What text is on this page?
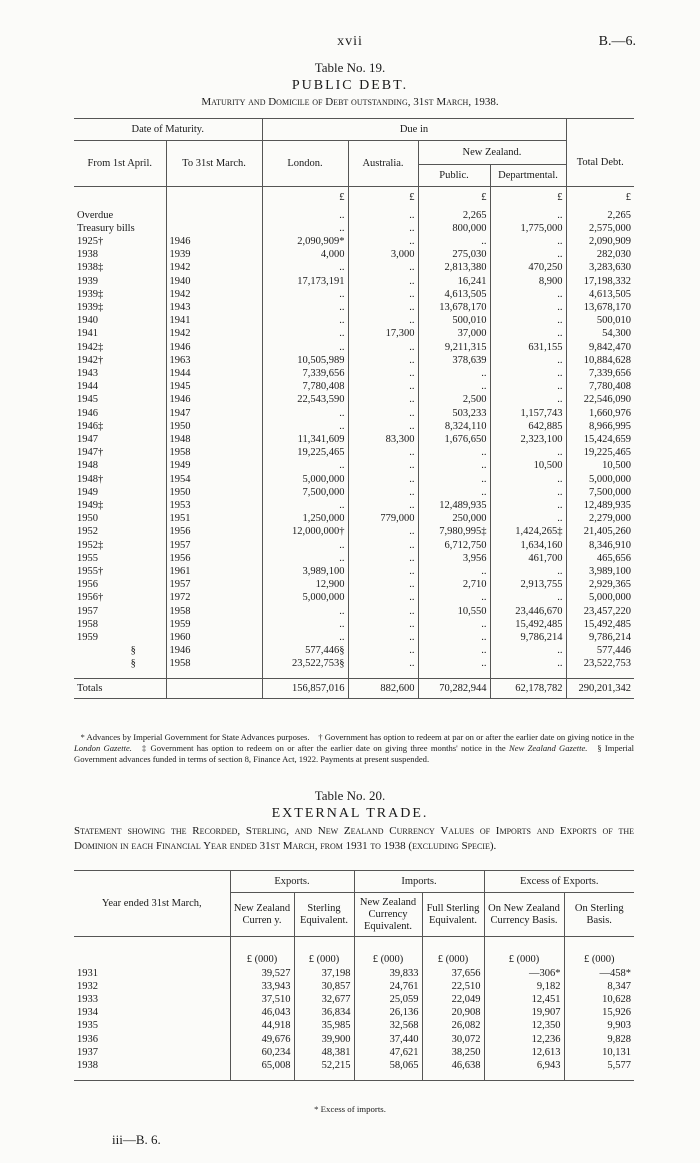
xvii	B.—6.
Table No. 19.
PUBLIC DEBT.
Maturity and Domicile of Debt outstanding, 31st March, 1938.
Date of Maturity.		Due in				
From 1st April.	To 31st March.	London.	Australia.	New Zealand.		Total Debt.
				Public.	Departmental.	
		£	£	£	£	£
Overdue		..	..	2,265	..	2,265
Treasury bills		..	..	800,000	1,775,000	2,575,000
1925†	1946	2,090,909*	..	..	..	2,090,909
1938	1939	4,000	3,000	275,030	..	282,030
1938‡	1942	..	..	2,813,380	470,250	3,283,630
1939	1940	17,173,191	..	16,241	8,900	17,198,332
1939‡	1942	..	..	4,613,505	..	4,613,505
1939‡	1943	..	..	13,678,170	..	13,678,170
1940	1941	..	..	500,010	..	500,010
1941	1942	..	17,300	37,000	..	54,300
1942‡	1946	..	..	9,211,315	631,155	9,842,470
1942†	1963	10,505,989	..	378,639	..	10,884,628
1943	1944	7,339,656	..	..	..	7,339,656
1944	1945	7,780,408	..	..	..	7,780,408
1945	1946	22,543,590	..	2,500	..	22,546,090
1946	1947	..	..	503,233	1,157,743	1,660,976
1946‡	1950	..	..	8,324,110	642,885	8,966,995
1947	1948	11,341,609	83,300	1,676,650	2,323,100	15,424,659
1947†	1958	19,225,465	..	..	..	19,225,465
1948	1949	..	..	..	10,500	10,500
1948†	1954	5,000,000	..	..	..	5,000,000
1949	1950	7,500,000	..	..	..	7,500,000
1949‡	1953	..	..	12,489,935	..	12,489,935
1950	1951	1,250,000	779,000	250,000	..	2,279,000
1952	1956	12,000,000†	..	7,980,995‡	1,424,265‡	21,405,260
1952‡	1957	..	..	6,712,750	1,634,160	8,346,910
1955	1956	..	..	3,956	461,700	465,656
1955†	1961	3,989,100	..	..	..	3,989,100
1956	1957	12,900	..	2,710	2,913,755	2,929,365
1956†	1972	5,000,000	..	..	..	5,000,000
1957	1958	..	..	10,550	23,446,670	23,457,220
1958	1959	..	..	..	15,492,485	15,492,485
1959	1960	..	..	..	9,786,214	9,786,214
§	1946	577,446§	..	..	..	577,446
§	1958	23,522,753§	..	..	..	23,522,753

Totals		156,857,016	882,600	70,282,944	62,178,782	290,201,342
* Advances by Imperial Government for State Advances purposes. † Government has option to redeem at par on or after the earlier date on giving notice in the London Gazette. ‡ Government has option to redeem on or after the earlier date on giving three months' notice in the New Zealand Gazette. § Imperial Government advances funded in terms of section 8, Finance Act, 1922. Payments at present suspended.
Table No. 20.
EXTERNAL TRADE.
Statement showing the Recorded, Sterling, and New Zealand Currency Values of Imports and Exports of the Dominion in each Financial Year ended 31st March, from 1931 to 1938 (excluding Specie).
Year ended 31st March,	Exports.		Imports.		Excess of Exports.	
	New Zealand Curren y.	Sterling Equivalent.	New Zealand Currency Equivalent.	Full Sterling Equivalent.	On New Zealand Currency Basis.	On Sterling Basis.
	£ (000)	£ (000)	£ (000)	£ (000)	£ (000)	£ (000)
1931	39,527	37,198	39,833	37,656	—306*	—458*
1932	33,943	30,857	24,761	22,510	9,182	8,347
1933	37,510	32,677	25,059	22,049	12,451	10,628
1934	46,043	36,834	26,136	20,908	19,907	15,926
1935	44,918	35,985	32,568	26,082	12,350	9,903
1936	49,676	39,900	37,440	30,072	12,236	9,828
1937	60,234	48,381	47,621	38,250	12,613	10,131
1938	65,008	52,215	58,065	46,638	6,943	5,577

* Excess of imports.
iii—B. 6.
